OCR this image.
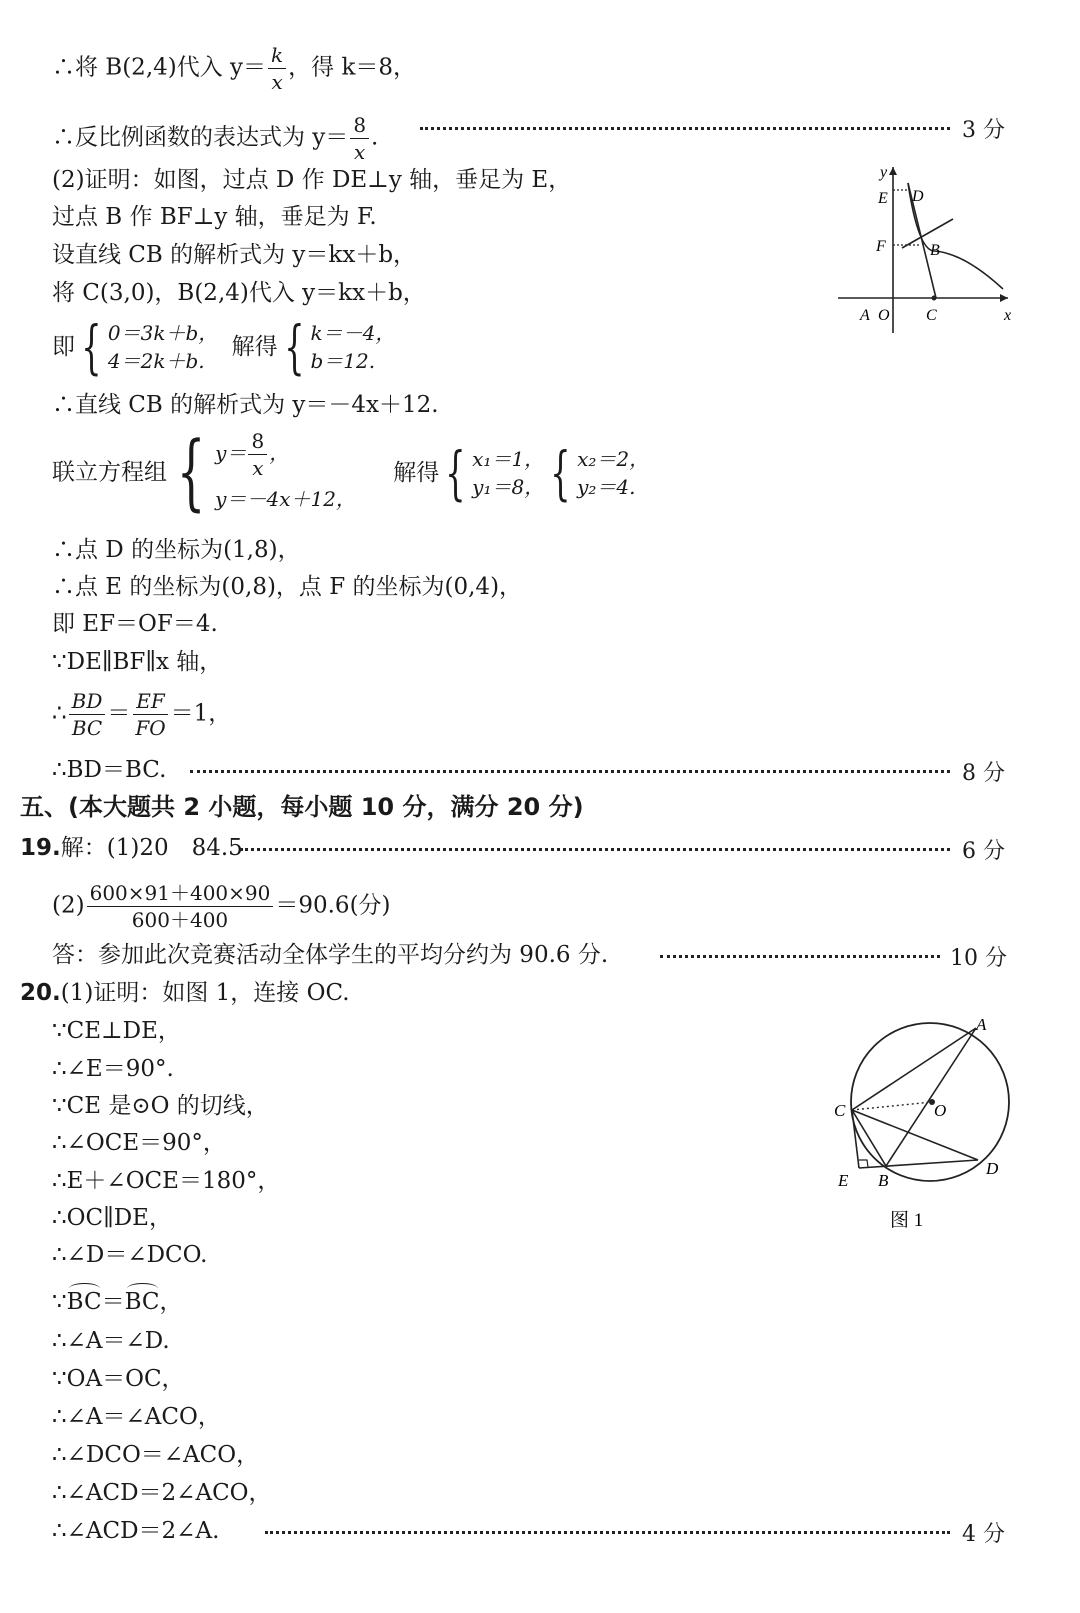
∴将 B(2,4)代入 $y= \frac{k}{x}$ ，得 k＝8，
∴反比例函数的表达式为 $y= \frac{8}{x}$ .	3 分
(2)证明：如图，过点 D 作 DE⊥y 轴，垂足为 E，
过点 B 作 BF⊥y 轴，垂足为 F.
设直线 CB 的解析式为 y＝kx＋b，
将 C(3,0)，B(2,4)代入 y＝kx＋b，
即 { 0＝3k＋b，
4＝2k＋b.
解得 { k＝－4，
b＝12.
∴直线 CB 的解析式为 y＝－4x＋12.
联立方程组 { $y= \frac{8}{x}$ ，
y＝－4x＋12，
解得 { x₁＝1，
y₁＝8， { x₂＝2，
y₂＝4.
∴点 D 的坐标为(1,8)，
∴点 E 的坐标为(0,8)，点 F 的坐标为(0,4)，
即 EF＝OF＝4.
∵DE∥BF∥x 轴，
∴ $\frac{BD}{BC} = \frac{EF}{FO} =1$，
∴BD＝BC.	8 分
y
x
E D
F	B
A O C
五、(本大题共 2 小题，每小题 10 分，满分 20 分)
19.解：(1)20　84.5	6 分
$(2) \frac{600\times 91+400\times 90}{600+400} =90.6$(分)
答：参加此次竞赛活动全体学生的平均分约为 90.6 分.	10 分
20.(1)证明：如图 1，连接 OC.
∵CE⊥DE，
∴∠E＝90°.
∵CE 是⊙O 的切线，
∴∠OCE＝90°，
∴E＋∠OCE＝180°，
∴OC∥DE，
∴∠D＝∠DCO.
∵BC＝BC，
∴∠A＝∠D.
∵OA＝OC，
∴∠A＝∠ACO，
∴∠DCO＝∠ACO，
∴∠ACD＝2∠ACO，
∴∠ACD＝2∠A.	4 分
A
C	O
E B
D
图 1
